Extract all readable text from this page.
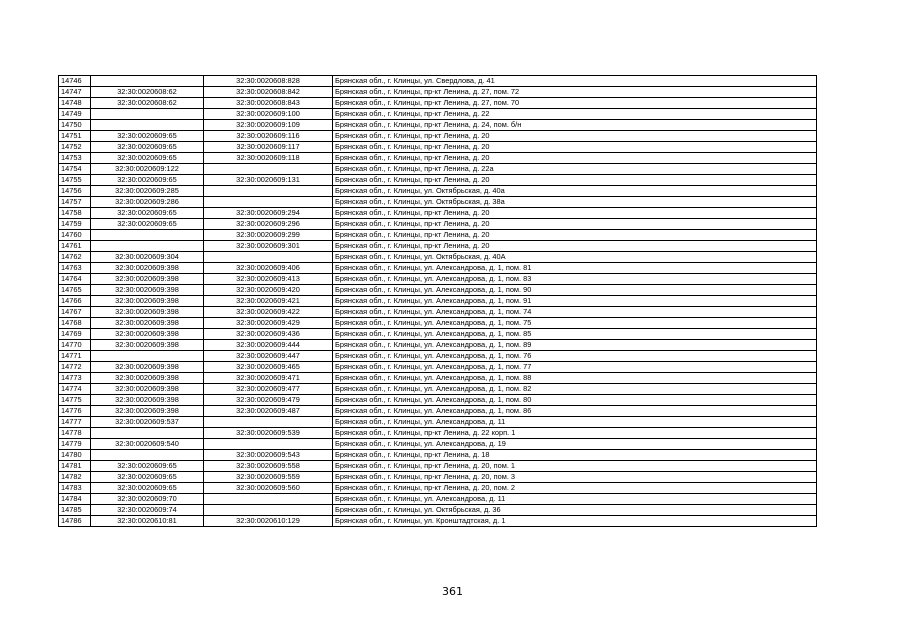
14746		32:30:0020608:828	Брянская обл., г. Клинцы, ул. Свердлова, д. 41
14747	32:30:0020608:62	32:30:0020608:842	Брянская обл., г. Клинцы, пр-кт Ленина, д. 27, пом. 72
14748	32:30:0020608:62	32:30:0020608:843	Брянская обл., г. Клинцы, пр-кт Ленина, д. 27, пом. 70
14749		32:30:0020609:100	Брянская обл., г. Клинцы, пр-кт Ленина, д. 22
14750		32:30:0020609:109	Брянская обл., г. Клинцы, пр-кт Ленина, д. 24, пом. б/н
14751	32:30:0020609:65	32:30:0020609:116	Брянская обл., г. Клинцы, пр-кт Ленина, д. 20
14752	32:30:0020609:65	32:30:0020609:117	Брянская обл., г. Клинцы, пр-кт Ленина, д. 20
14753	32:30:0020609:65	32:30:0020609:118	Брянская обл., г. Клинцы, пр-кт Ленина, д. 20
14754	32:30:0020609:122		Брянская обл., г. Клинцы, пр-кт Ленина, д. 22а
14755	32:30:0020609:65	32:30:0020609:131	Брянская обл., г. Клинцы, пр-кт Ленина, д. 20
14756	32:30:0020609:285		Брянская обл., г. Клинцы, ул. Октябрьская, д. 40а
14757	32:30:0020609:286		Брянская обл., г. Клинцы, ул. Октябрьская, д. 38а
14758	32:30:0020609:65	32:30:0020609:294	Брянская обл., г. Клинцы, пр-кт Ленина, д. 20
14759	32:30:0020609:65	32:30:0020609:296	Брянская обл., г. Клинцы, пр-кт Ленина, д. 20
14760		32:30:0020609:299	Брянская обл., г. Клинцы, пр-кт Ленина, д. 20
14761		32:30:0020609:301	Брянская обл., г. Клинцы, пр-кт Ленина, д. 20
14762	32:30:0020609:304		Брянская обл., г. Клинцы, ул. Октябрьская, д. 40А
14763	32:30:0020609:398	32:30:0020609:406	Брянская обл., г. Клинцы, ул. Александрова, д. 1, пом. 81
14764	32:30:0020609:398	32:30:0020609:413	Брянская обл., г. Клинцы, ул. Александрова, д. 1, пом. 83
14765	32:30:0020609:398	32:30:0020609:420	Брянская обл., г. Клинцы, ул. Александрова, д. 1, пом. 90
14766	32:30:0020609:398	32:30:0020609:421	Брянская обл., г. Клинцы, ул. Александрова, д. 1, пом. 91
14767	32:30:0020609:398	32:30:0020609:422	Брянская обл., г. Клинцы, ул. Александрова, д. 1, пом. 74
14768	32:30:0020609:398	32:30:0020609:429	Брянская обл., г. Клинцы, ул. Александрова, д. 1, пом. 75
14769	32:30:0020609:398	32:30:0020609:436	Брянская обл., г. Клинцы, ул. Александрова, д. 1, пом. 85
14770	32:30:0020609:398	32:30:0020609:444	Брянская обл., г. Клинцы, ул. Александрова, д. 1, пом. 89
14771		32:30:0020609:447	Брянская обл., г. Клинцы, ул. Александрова, д. 1, пом. 76
14772	32:30:0020609:398	32:30:0020609:465	Брянская обл., г. Клинцы, ул. Александрова, д. 1, пом. 77
14773	32:30:0020609:398	32:30:0020609:471	Брянская обл., г. Клинцы, ул. Александрова, д. 1, пом. 88
14774	32:30:0020609:398	32:30:0020609:477	Брянская обл., г. Клинцы, ул. Александрова, д. 1, пом. 82
14775	32:30:0020609:398	32:30:0020609:479	Брянская обл., г. Клинцы, ул. Александрова, д. 1, пом. 80
14776	32:30:0020609:398	32:30:0020609:487	Брянская обл., г. Клинцы, ул. Александрова, д. 1, пом. 86
14777	32:30:0020609:537		Брянская обл., г. Клинцы, ул. Александрова, д. 11
14778		32:30:0020609:539	Брянская обл., г. Клинцы, пр-кт Ленина, д. 22 корп. 1
14779	32:30:0020609:540		Брянская обл., г. Клинцы, ул. Александрова, д. 19
14780		32:30:0020609:543	Брянская обл., г. Клинцы, пр-кт Ленина, д. 18
14781	32:30:0020609:65	32:30:0020609:558	Брянская обл., г. Клинцы, пр-кт Ленина, д. 20, пом. 1
14782	32:30:0020609:65	32:30:0020609:559	Брянская обл., г. Клинцы, пр-кт Ленина, д. 20, пом. 3
14783	32:30:0020609:65	32:30:0020609:560	Брянская обл., г. Клинцы, пр-кт Ленина, д. 20, пом. 2
14784	32:30:0020609:70		Брянская обл., г. Клинцы, ул. Александрова, д. 11
14785	32:30:0020609:74		Брянская обл., г. Клинцы, ул. Октябрьская, д. 36
14786	32:30:0020610:81	32:30:0020610:129	Брянская обл., г. Клинцы, ул. Кронштадтская, д. 1
361
